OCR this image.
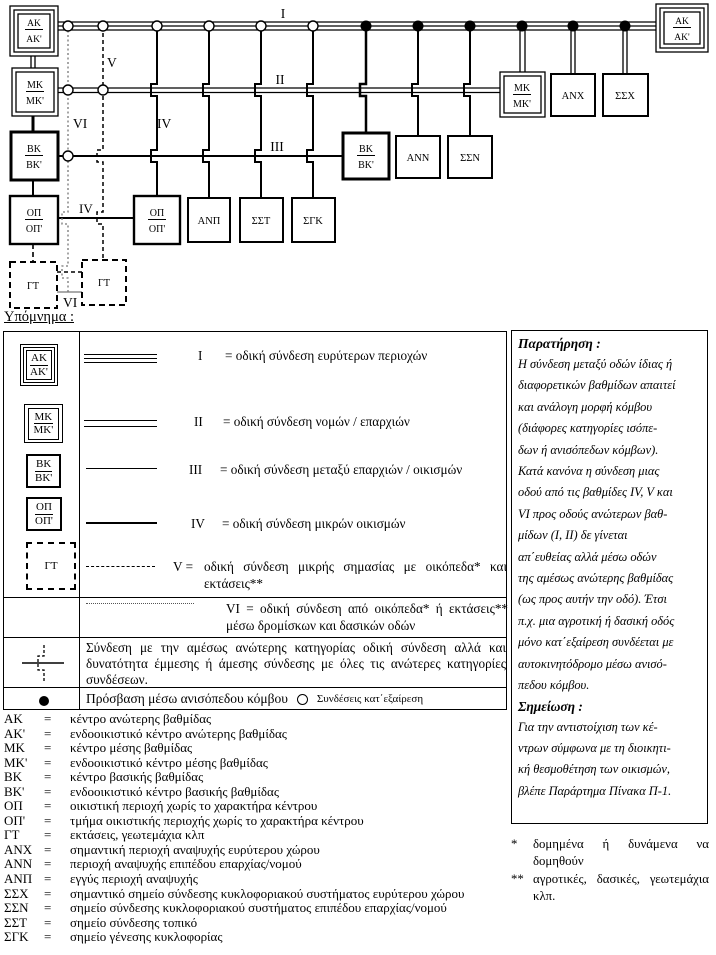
ΑΚ
ΑΚ'
ΜΚ
ΜΚ'
ΒΚ
ΒΚ'
ΟΠ
ΟΠ'
ΓΤ
ΑΚ
ΑΚ'
ΜΚ
ΜΚ'
ΑΝΧ	ΣΣΧ
ΒΚ
ΒΚ'
ΑΝΝ	ΣΣΝ
ΟΠ
ΟΠ'
ΑΝΠ	ΣΣΤ	ΣΓΚ
ΓΤ
I
II
III
V
VI	IV
IV
VI
Υπόμνημα :
ΑΚ
ΑΚ'
ΜΚ
ΜΚ'
ΒΚ
ΒΚ'
ΟΠ
ΟΠ'
ΓΤ
I = οδική σύνδεση ευρύτερων περιοχών
II = οδική σύνδεση νομών / επαρχιών
III = οδική σύνδεση μεταξύ επαρχιών / οικισμών
IV = οδική σύνδεση μικρών οικισμών
V = οδική σύνδεση μικρής σημασίας με οικόπεδα* και εκτάσεις**
VI = οδική σύνδεση από οικόπεδα* ή εκτάσεις** μέσω δρομίσκων και δασικών οδών
Σύνδεση με την αμέσως ανώτερης κατηγορίας οδική σύνδεση αλλά και δυνατότητα έμμεσης ή άμεσης σύνδεσης με όλες τις ανώτερες κατηγορίες συνδέσεων.
Πρόσβαση μέσω ανισόπεδου κόμβου	Συνδέσεις κατ΄εξαίρεση
Παρατήρηση :
Η σύνδεση μεταξύ οδών ίδιας ή
διαφορετικών βαθμίδων απαιτεί
και ανάλογη μορφή κόμβου
(διάφορες κατηγορίες ισόπε-
δων ή ανισόπεδων κόμβων).
Κατά κανόνα η σύνδεση μιας
οδού από τις βαθμίδες IV, V και
VI προς οδούς ανώτερων βαθ-
μίδων (I, II) δε γίνεται
απ΄ευθείας αλλά μέσω οδών
της αμέσως ανώτερης βαθμίδας
(ως προς αυτήν την οδό). Έτσι
π.χ. μια αγροτική ή δασική οδός
μόνο κατ΄εξαίρεση συνδέεται με
αυτοκινητόδρομο μέσω ανισό-
πεδου κόμβου.
Σημείωση :
Για την αντιστοίχιση των κέ-
ντρων σύμφωνα με τη διοικητι-
κή θεσμοθέτηση των οικισμών,
βλέπε Παράρτημα Πίνακα Π-1.
ΑΚ	=	κέντρο ανώτερης βαθμίδας
ΑΚ'	=	ενδοοικιστικό κέντρο ανώτερης βαθμίδας
ΜΚ	=	κέντρο μέσης βαθμίδας
ΜΚ'	=	ενδοοικιστικό κέντρο μέσης βαθμίδας
ΒΚ	=	κέντρο βασικής βαθμίδας
ΒΚ'	=	ενδοοικιστικό κέντρο βασικής βαθμίδας
ΟΠ	=	οικιστική περιοχή χωρίς το χαρακτήρα κέντρου
ΟΠ'	=	τμήμα οικιστικής περιοχής χωρίς το χαρακτήρα κέντρου
ΓΤ	=	εκτάσεις, γεωτεμάχια κλπ
ΑΝΧ =	σημαντική περιοχή αναψυχής ευρύτερου χώρου
ΑΝΝ =	περιοχή αναψυχής επιπέδου επαρχίας/νομού
ΑΝΠ =	εγγύς περιοχή αναψυχής
ΣΣΧ	=	σημαντικό σημείο σύνδεσης κυκλοφοριακού συστήματος ευρύτερου χώρου
ΣΣΝ	=	σημείο σύνδεσης κυκλοφοριακού συστήματος επιπέδου επαρχίας/νομού
ΣΣΤ	=	σημείο σύνδεσης τοπικό
ΣΓΚ	=	σημείο γένεσης κυκλοφορίας
*	δομημένα ή δυνάμενα να δομηθούν
** αγροτικές, δασικές, γεωτεμάχια κλπ.
